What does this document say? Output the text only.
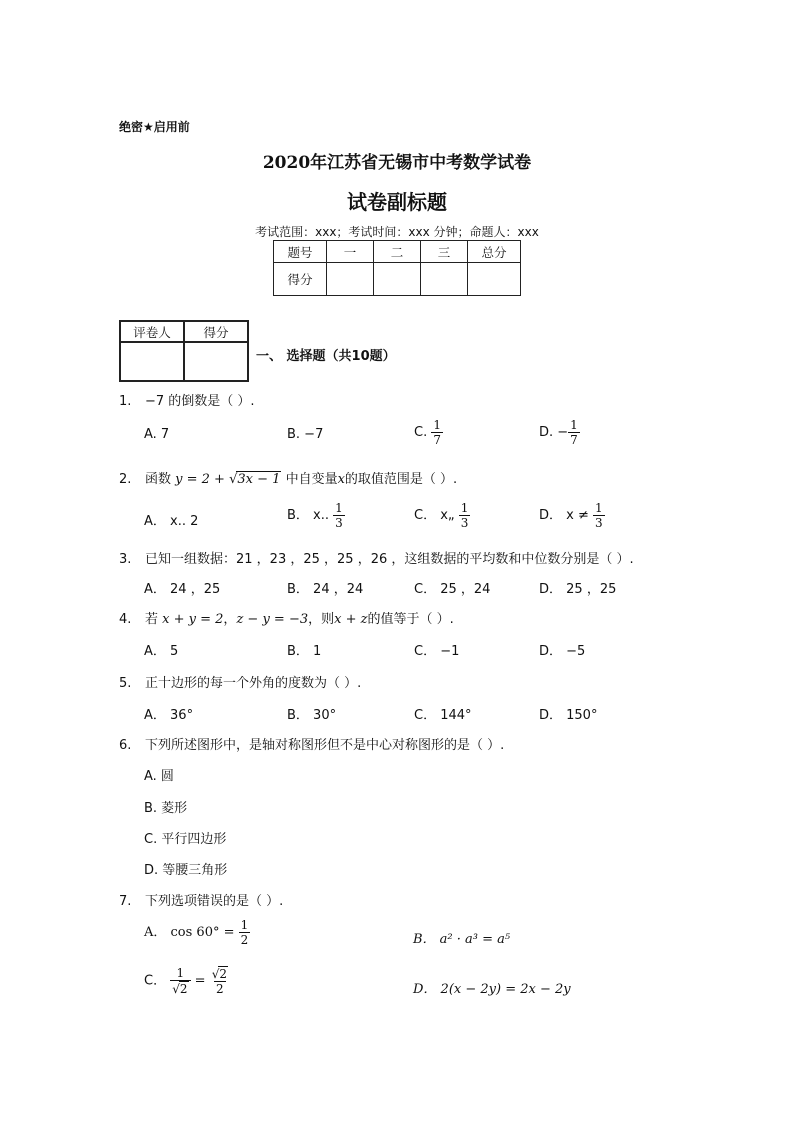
绝密★启用前
2020年江苏省无锡市中考数学试卷
试卷副标题
考试范围：xxx；考试时间：xxx 分钟；命题人：xxx
题号	一	二	三	总分
得分				
评卷人	得分

一、 选择题（共10题）
1. −7 的倒数是（ ）.
A. 7	B. −7	C. $\frac{1}{7}$	D. − $\frac{1}{7}$
2. 函数 y = 2 + √3x − 1 中自变量x的取值范围是（ ）.
A． x.. 2	B． x.. $\frac{1}{3}$	C． x„ $\frac{1}{3}$	D． $x \ne \frac{1}{3}$
3. 已知一组数据：21 ，23 ，25 ，25 ，26 ，这组数据的平均数和中位数分别是（ ）.
A． 24 ，25	B． 24 ，24	C． 25 ，24	D． 25 ，25
4. 若 x + y = 2，z − y = −3，则x + z的值等于（ ）.
A． 5	B． 1	C． −1	D． −5
5. 正十边形的每一个外角的度数为（ ）.
A． 36°	B． 30°	C． 144°	D． 150°
6. 下列所述图形中，是轴对称图形但不是中心对称图形的是（ ）.
A. 圆
B. 菱形
C. 平行四边形
D. 等腰三角形
7. 下列选项错误的是（ ）.
A． $\cos 60^\circ = \frac{1}{2}$	B． a² · a³ = a⁵
C． $\frac{1}{√2} = \frac{√2}{2}$	D． 2(x − 2y) = 2x − 2y
